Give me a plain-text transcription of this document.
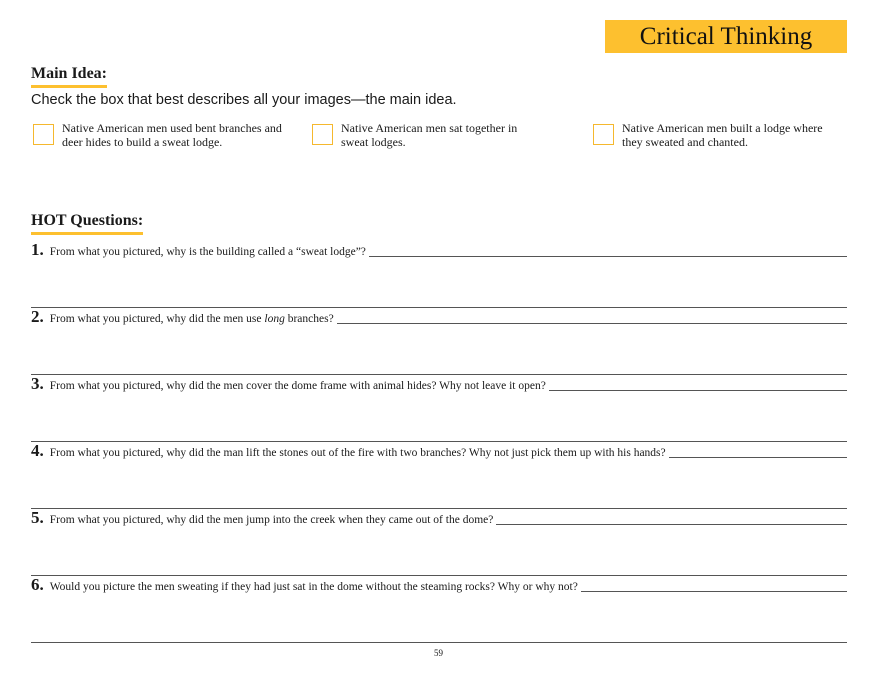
Critical Thinking
Main Idea:
Check the box that best describes all your images—the main idea.
Native American men used bent branches and deer hides to build a sweat lodge.
Native American men sat together in sweat lodges.
Native American men built a lodge where they sweated and chanted.
HOT Questions:
1. From what you pictured, why is the building called a “sweat lodge”?
2. From what you pictured, why did the men use long branches?
3. From what you pictured, why did the men cover the dome frame with animal hides? Why not leave it open?
4. From what you pictured, why did the man lift the stones out of the fire with two branches? Why not just pick them up with his hands?
5. From what you pictured, why did the men jump into the creek when they came out of the dome?
6. Would you picture the men sweating if they had just sat in the dome without the steaming rocks? Why or why not?
59
